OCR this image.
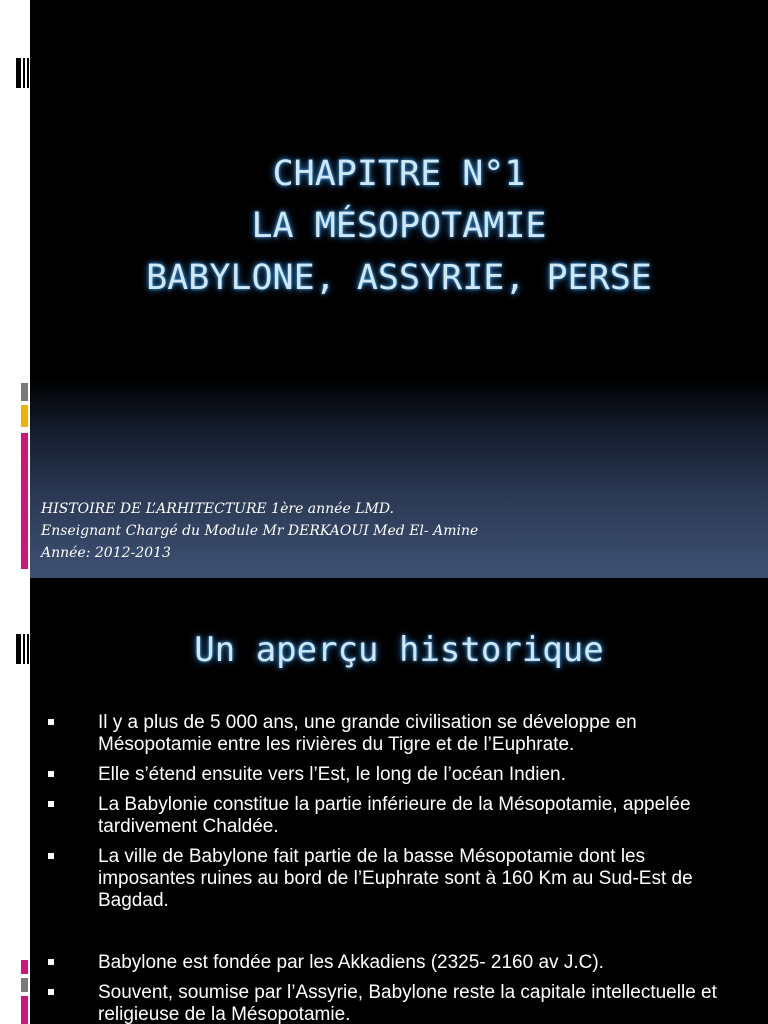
CHAPITRE N°1
LA MÉSOPOTAMIE
BABYLONE, ASSYRIE, PERSE
HISTOIRE DE L’ARHITECTURE 1ère année LMD.
Enseignant Chargé du Module Mr DERKAOUI Med El- Amine
Année: 2012-2013
Un aperçu historique
Il y a plus de 5 000 ans, une grande civilisation se développe en Mésopotamie entre les rivières du Tigre et de l’Euphrate.
Elle s’étend ensuite vers l’Est, le long de l’océan Indien.
La Babylonie constitue la partie inférieure de la Mésopotamie, appelée tardivement Chaldée.
La ville de Babylone fait partie de la basse Mésopotamie dont les imposantes ruines au bord de l’Euphrate sont à 160 Km au Sud-Est de Bagdad.
Babylone est fondée par les Akkadiens (2325- 2160 av J.C).
Souvent, soumise par l’Assyrie, Babylone reste la capitale intellectuelle et religieuse de la Mésopotamie.
